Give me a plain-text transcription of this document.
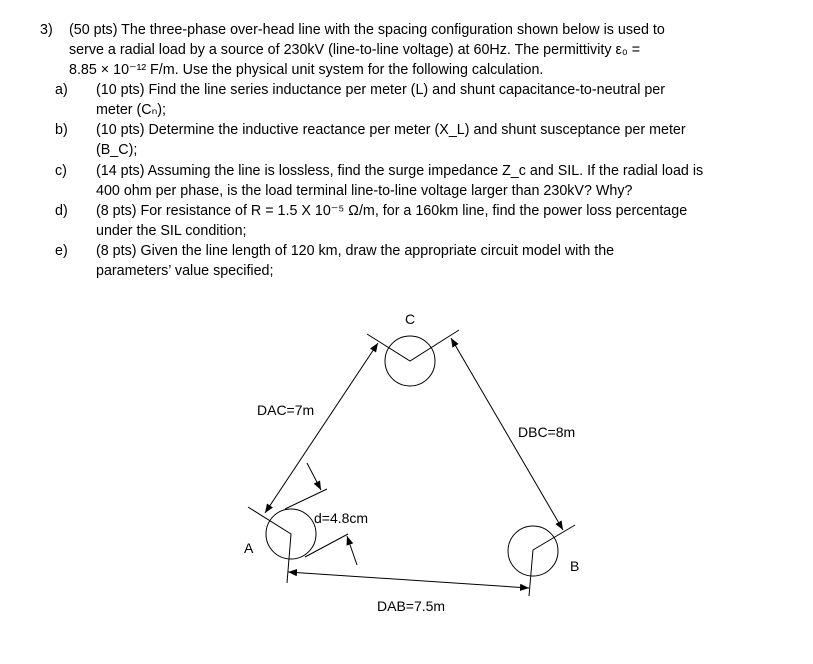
3) (50 pts) The three-phase over-head line with the spacing configuration shown below is used to
serve a radial load by a source of 230kV (line-to-line voltage) at 60Hz. The permittivity ε₀ =
8.85 × 10⁻¹² F/m. Use the physical unit system for the following calculation.
a) (10 pts) Find the line series inductance per meter (L) and shunt capacitance-to-neutral per
meter (Cₙ);
b) (10 pts) Determine the inductive reactance per meter (X_L) and shunt susceptance per meter
(B_C);
c) (14 pts) Assuming the line is lossless, find the surge impedance Z_c and SIL. If the radial load is
400 ohm per phase, is the load terminal line-to-line voltage larger than 230kV? Why?
d) (8 pts) For resistance of R = 1.5 X 10⁻⁵ Ω/m, for a 160km line, find the power loss percentage
under the SIL condition;
e) (8 pts) Given the line length of 120 km, draw the appropriate circuit model with the
parameters’ value specified;
C
A
B
DAC=7m
DBC=8m
DAB=7.5m
d=4.8cm
